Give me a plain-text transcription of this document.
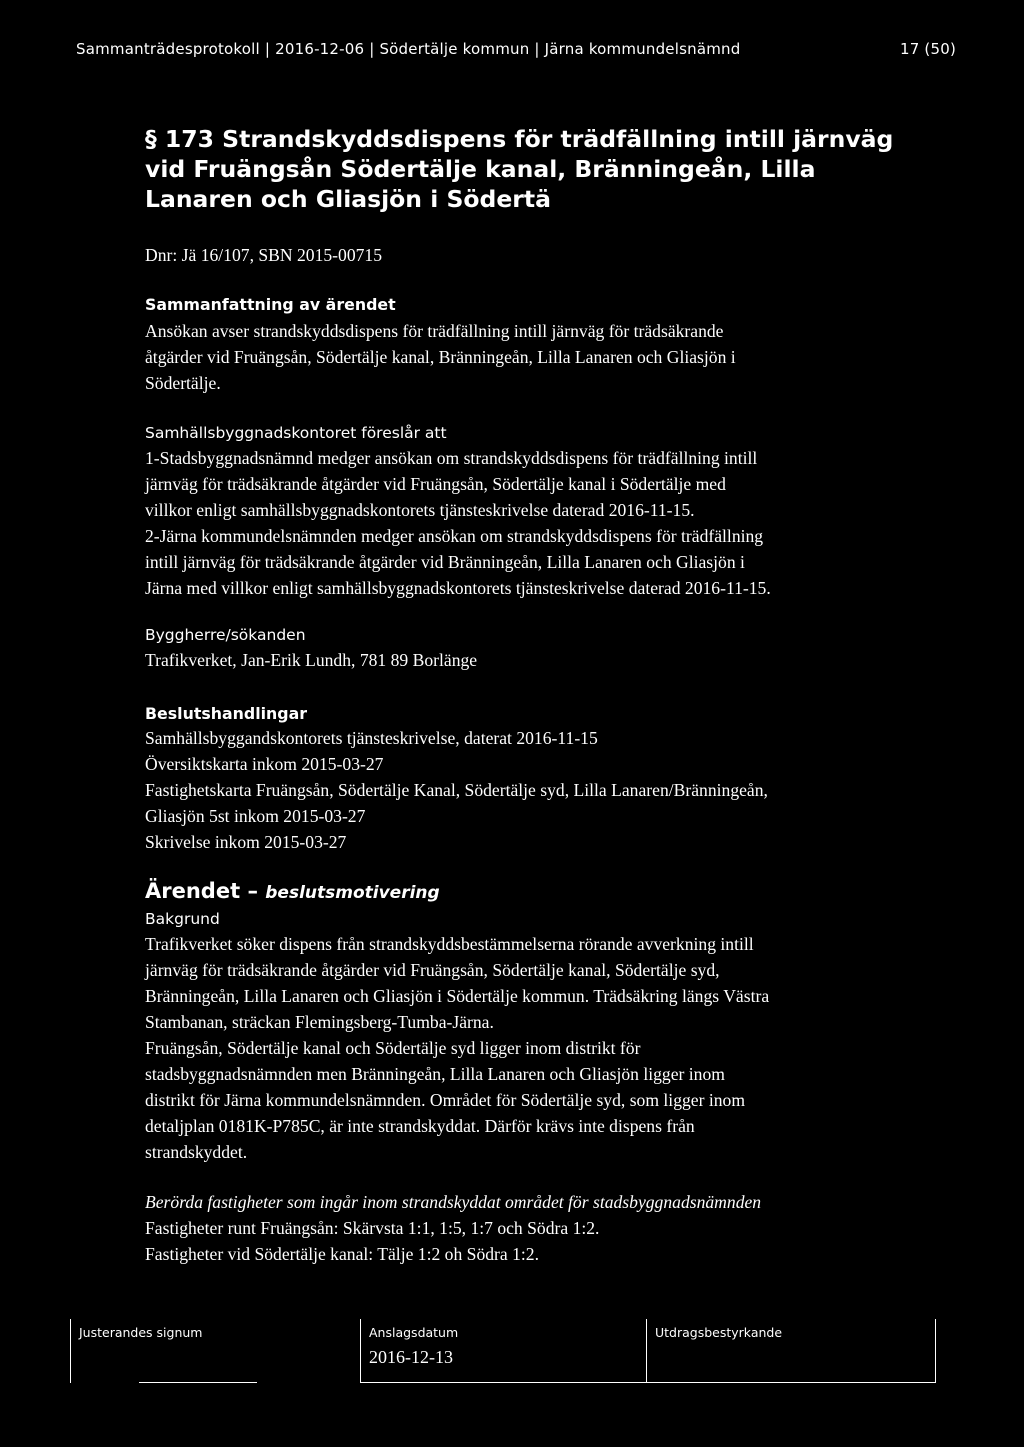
Sammanträdesprotokoll | 2016-12-06 | Södertälje kommun | Järna kommundelsnämnd	17 (50)
§ 173 Strandskyddsdispens för trädfällning intill järnväg
vid Fruängsån Södertälje kanal, Bränningeån, Lilla
Lanaren och Gliasjön i Södertä
Dnr: Jä 16/107, SBN 2015-00715
Sammanfattning av ärendet
Ansökan avser strandskyddsdispens för trädfällning intill järnväg för trädsäkrande
åtgärder vid Fruängsån, Södertälje kanal, Bränningeån, Lilla Lanaren och Gliasjön i
Södertälje.
Samhällsbyggnadskontoret föreslår att
1-Stadsbyggnadsnämnd medger ansökan om strandskyddsdispens för trädfällning intill
järnväg för trädsäkrande åtgärder vid Fruängsån, Södertälje kanal i Södertälje med
villkor enligt samhällsbyggnadskontorets tjänsteskrivelse daterad 2016-11-15.
2-Järna kommundelsnämnden medger ansökan om strandskyddsdispens för trädfällning
intill järnväg för trädsäkrande åtgärder vid Bränningeån, Lilla Lanaren och Gliasjön i
Järna med villkor enligt samhällsbyggnadskontorets tjänsteskrivelse daterad 2016-11-15.
Byggherre/sökanden
Trafikverket, Jan-Erik Lundh, 781 89 Borlänge
Beslutshandlingar
Samhällsbyggandskontorets tjänsteskrivelse, daterat 2016-11-15
Översiktskarta inkom 2015-03-27
Fastighetskarta Fruängsån, Södertälje Kanal, Södertälje syd, Lilla Lanaren/Bränningeån,
Gliasjön 5st inkom 2015-03-27
Skrivelse inkom 2015-03-27
Ärendet – beslutsmotivering
Bakgrund
Trafikverket söker dispens från strandskyddsbestämmelserna rörande avverkning intill
järnväg för trädsäkrande åtgärder vid Fruängsån, Södertälje kanal, Södertälje syd,
Bränningeån, Lilla Lanaren och Gliasjön i Södertälje kommun. Trädsäkring längs Västra
Stambanan, sträckan Flemingsberg-Tumba-Järna.
Fruängsån, Södertälje kanal och Södertälje syd ligger inom distrikt för
stadsbyggnadsnämnden men Bränningeån, Lilla Lanaren och Gliasjön ligger inom
distrikt för Järna kommundelsnämnden. Området för Södertälje syd, som ligger inom
detaljplan 0181K-P785C, är inte strandskyddat. Därför krävs inte dispens från
strandskyddet.
Berörda fastigheter som ingår inom strandskyddat området för stadsbyggnadsnämnden
Fastigheter runt Fruängsån: Skärvsta 1:1, 1:5, 1:7 och Södra 1:2.
Fastigheter vid Södertälje kanal: Tälje 1:2 oh Södra 1:2.
Justerandes signum	Anslagsdatum
2016-12-13
Utdragsbestyrkande
